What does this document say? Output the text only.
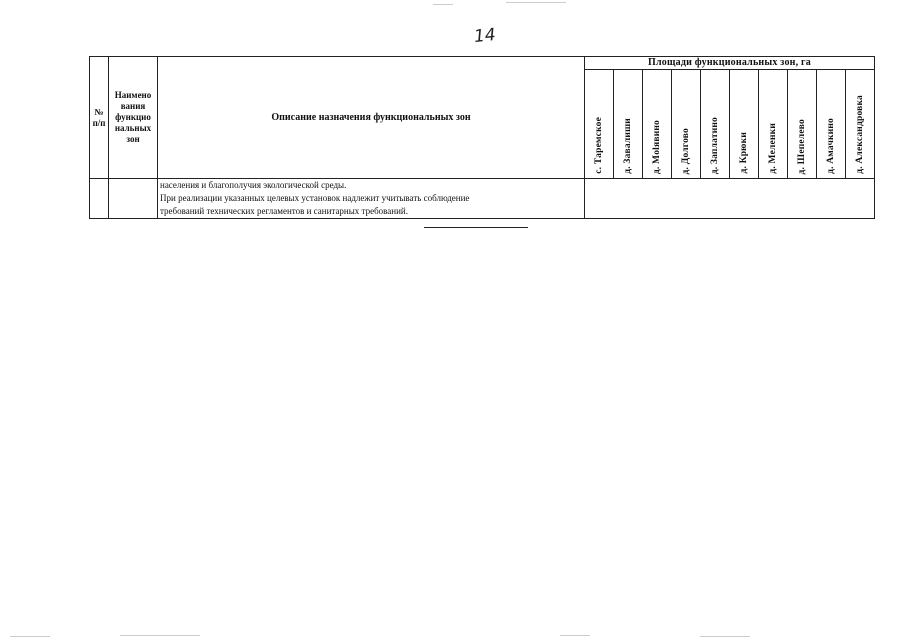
14
№ п/п	Наимено вания функцио нальных зон	Описание назначения функциональных зон	Площади функциональных зон, га									

			с. Таремское	д. Завалиши	д. Molявино	д. Долгово	д. Заплатино	д. Крюки	д. Меленки	д. Шепелево	д. Амачкино	д. Александровка

		населения и благополучия экологической среды.
При реализации указанных целевых установок надлежит учитывать соблюдение
требований технических регламентов и санитарных требований.										
